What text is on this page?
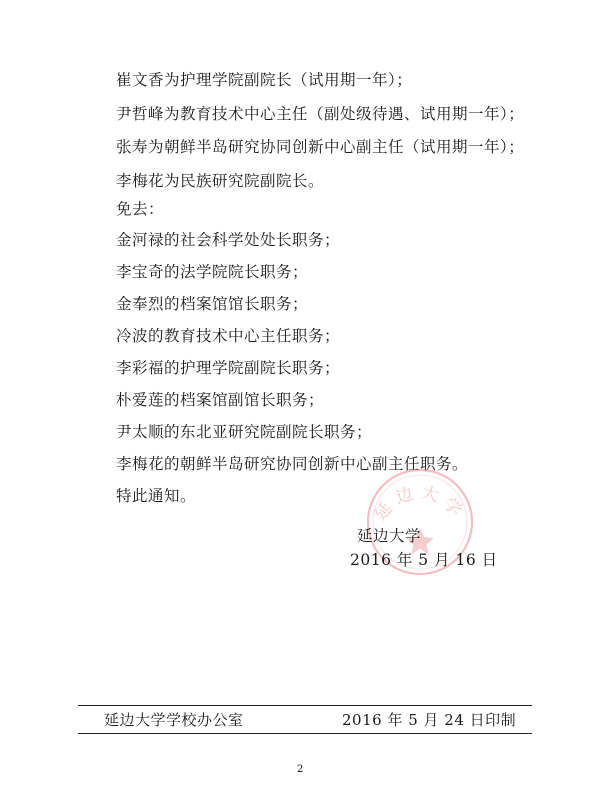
崔文香为护理学院副院长（试用期一年）；
尹哲峰为教育技术中心主任（副处级待遇、试用期一年）；
张寿为朝鲜半岛研究协同创新中心副主任（试用期一年）；
李梅花为民族研究院副院长。
免去：
金河禄的社会科学处处长职务；
李宝奇的法学院院长职务；
金奉烈的档案馆馆长职务；
冷波的教育技术中心主任职务；
李彩福的护理学院副院长职务；
朴爱莲的档案馆副馆长职务；
尹太顺的东北亚研究院副院长职务；
李梅花的朝鲜半岛研究协同创新中心副主任职务。
特此通知。	延边大学
延边大学
2016 年 5 月 16 日
延边大学学校办公室	2016 年 5 月 24 日印制
2
